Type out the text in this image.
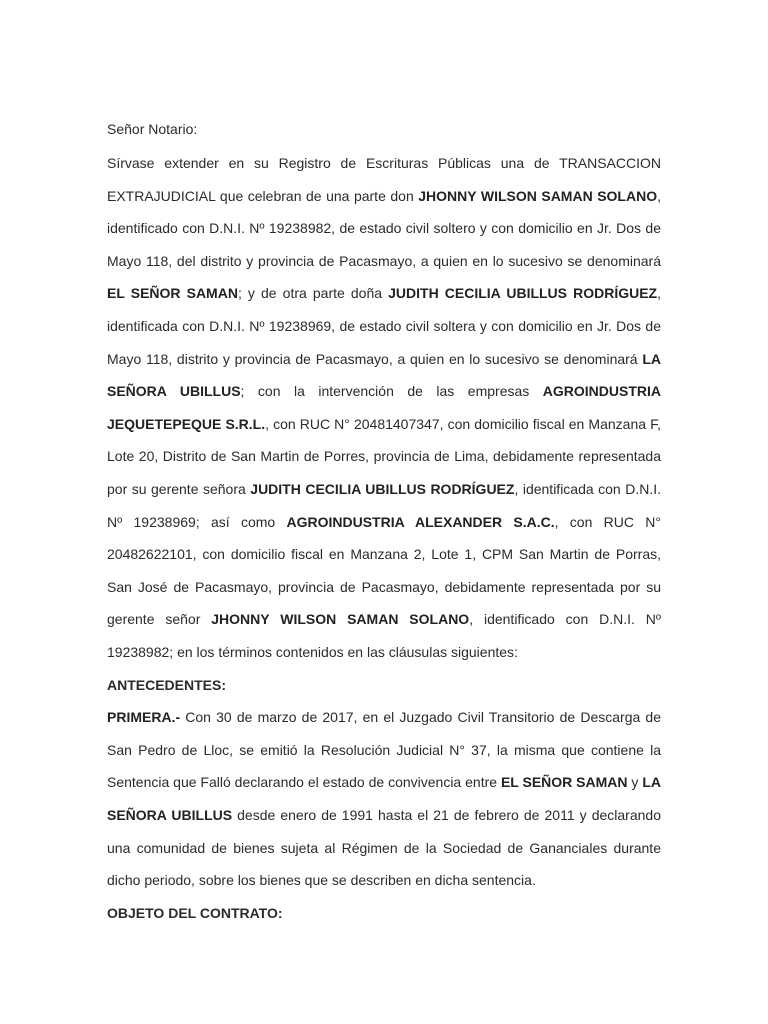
Señor Notario:

Sírvase extender en su Registro de Escrituras Públicas una de TRANSACCION EXTRAJUDICIAL que celebran de una parte don JHONNY WILSON SAMAN SOLANO, identificado con D.N.I. Nº 19238982, de estado civil soltero y con domicilio en Jr. Dos de Mayo 118, del distrito y provincia de Pacasmayo, a quien en lo sucesivo se denominará EL SEÑOR SAMAN; y de otra parte doña JUDITH CECILIA UBILLUS RODRÍGUEZ, identificada con D.N.I. Nº 19238969, de estado civil soltera y con domicilio en Jr. Dos de Mayo 118, distrito y provincia de Pacasmayo, a quien en lo sucesivo se denominará LA SEÑORA UBILLUS; con la intervención de las empresas AGROINDUSTRIA JEQUETEPEQUE S.R.L., con RUC N° 20481407347, con domicilio fiscal en Manzana F, Lote 20, Distrito de San Martin de Porres, provincia de Lima, debidamente representada por su gerente señora JUDITH CECILIA UBILLUS RODRÍGUEZ, identificada con D.N.I. Nº 19238969; así como AGROINDUSTRIA ALEXANDER S.A.C., con RUC N° 20482622101, con domicilio fiscal en Manzana 2, Lote 1, CPM San Martin de Porras, San José de Pacasmayo, provincia de Pacasmayo, debidamente representada por su gerente señor JHONNY WILSON SAMAN SOLANO, identificado con D.N.I. Nº 19238982; en los términos contenidos en las cláusulas siguientes:

ANTECEDENTES:

PRIMERA.- Con 30 de marzo de 2017, en el Juzgado Civil Transitorio de Descarga de San Pedro de Lloc, se emitió la Resolución Judicial N° 37, la misma que contiene la Sentencia que Falló declarando el estado de convivencia entre EL SEÑOR SAMAN y LA SEÑORA UBILLUS desde enero de 1991 hasta el 21 de febrero de 2011 y declarando una comunidad de bienes sujeta al Régimen de la Sociedad de Gananciales durante dicho periodo, sobre los bienes que se describen en dicha sentencia.

OBJETO DEL CONTRATO:
